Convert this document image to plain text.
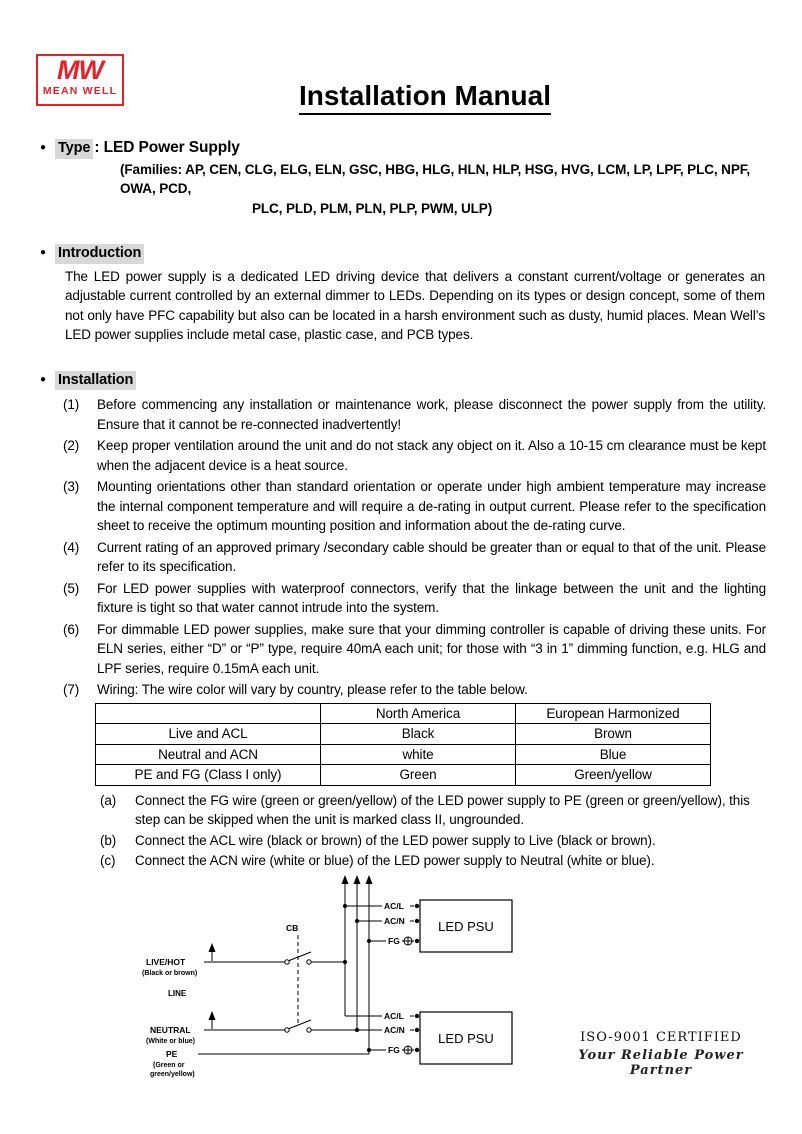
MW
MEAN WELL	Installation Manual
● Type : LED Power Supply
(Families: AP, CEN, CLG, ELG, ELN, GSC, HBG, HLG, HLN, HLP, HSG, HVG, LCM, LP, LPF, PLC, NPF, OWA, PCD,
PLC, PLD, PLM, PLN, PLP, PWM, ULP)
● Introduction
The LED power supply is a dedicated LED driving device that delivers a constant current/voltage or generates an adjustable current controlled by an external dimmer to LEDs. Depending on its types or design concept, some of them not only have PFC capability but also can be located in a harsh environment such as dusty, humid places. Mean Well’s LED power supplies include metal case, plastic case, and PCB types.
● Installation
(1)	Before commencing any installation or maintenance work, please disconnect the power supply from the utility. Ensure that it cannot be re-connected inadvertently!
(2)	Keep proper ventilation around the unit and do not stack any object on it. Also a 10-15 cm clearance must be kept when the adjacent device is a heat source.
(3)	Mounting orientations other than standard orientation or operate under high ambient temperature may increase the internal component temperature and will require a de-rating in output current. Please refer to the specification sheet to receive the optimum mounting position and information about the de-rating curve.
(4)	Current rating of an approved primary /secondary cable should be greater than or equal to that of the unit. Please refer to its specification.
(5)	For LED power supplies with waterproof connectors, verify that the linkage between the unit and the lighting fixture is tight so that water cannot intrude into the system.
(6)	For dimmable LED power supplies, make sure that your dimming controller is capable of driving these units. For ELN series, either “D” or “P” type, require 40mA each unit; for those with “3 in 1” dimming function, e.g. HLG and LPF series, require 0.15mA each unit.
(7)	Wiring: The wire color will vary by country, please refer to the table below.
	North America	European Harmonized
Live and ACL	Black	Brown
Neutral and ACN	white	Blue
PE and FG (Class I only)	Green	Green/yellow
(a)	Connect the FG wire (green or green/yellow) of the LED power supply to PE (green or green/yellow), this step can be skipped when the unit is marked class II, ungrounded.
(b)	Connect the ACL wire (black or brown) of the LED power supply to Live (black or brown).
(c)	Connect the ACN wire (white or blue) of the LED power supply to Neutral (white or blue).
AC/L
AC/N
FG
AC/L
AC/N
FG
CB
LINE
LIVE/HOT
NEUTRAL
PE
(Black or brown)
(White or blue)
(Green or
green/yellow)
LED PSU
LED PSU	ISO-9001 CERTIFIED
Your Reliable Power Partner
